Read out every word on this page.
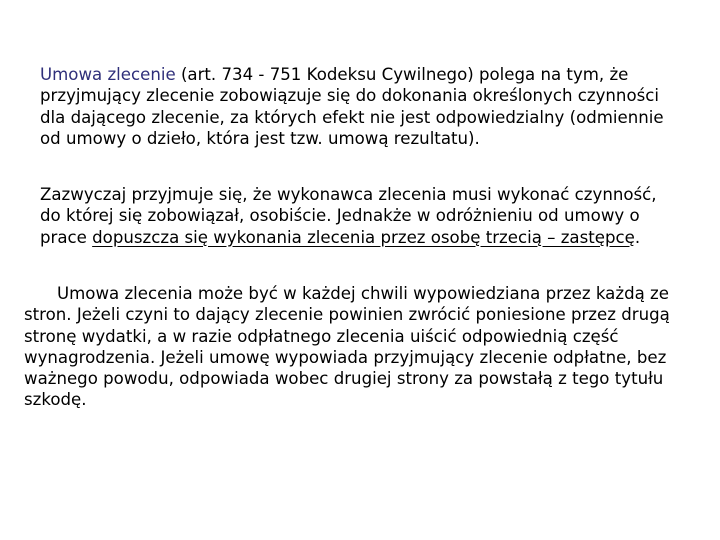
Umowa zlecenie (art. 734 - 751 Kodeksu Cywilnego) polega na tym, że przyjmujący zlecenie zobowiązuje się do dokonania określonych czynności dla dającego zlecenie, za których efekt nie jest odpowiedzialny (odmiennie od umowy o dzieło, która jest tzw. umową rezultatu).

Zazwyczaj przyjmuje się, że wykonawca zlecenia musi wykonać czynność, do której się zobowiązał, osobiście. Jednakże w odróżnieniu od umowy o prace dopuszcza się wykonania zlecenia przez osobę trzecią – zastępcę.

Umowa zlecenia może być w każdej chwili wypowiedziana przez każdą ze stron. Jeżeli czyni to dający zlecenie powinien zwrócić poniesione przez drugą stronę wydatki, a w razie odpłatnego zlecenia uiścić odpowiednią część wynagrodzenia. Jeżeli umowę wypowiada przyjmujący zlecenie odpłatne, bez ważnego powodu, odpowiada wobec drugiej strony za powstałą z tego tytułu szkodę.
